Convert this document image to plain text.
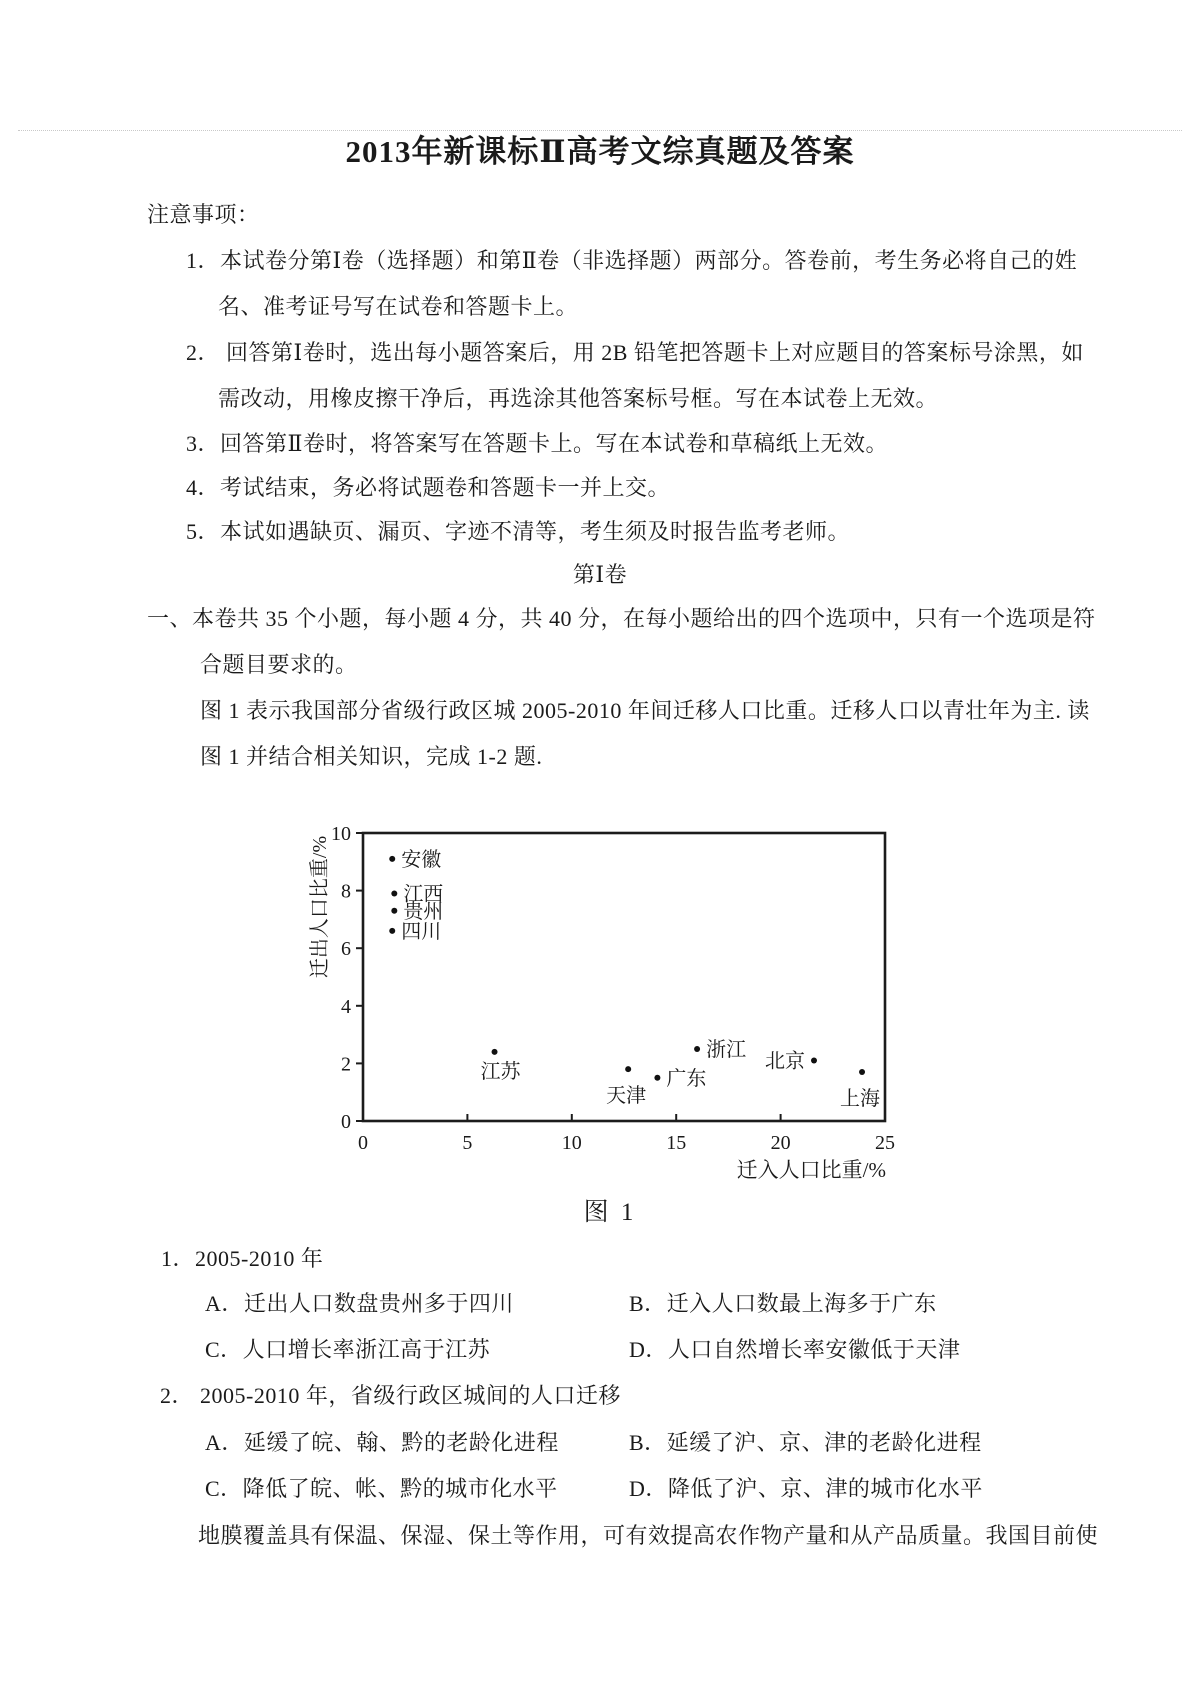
2013年新课标Ⅱ高考文综真题及答案
注意事项：
1．本试卷分第Ⅰ卷（选择题）和第Ⅱ卷（非选择题）两部分。答卷前，考生务必将自己的姓
名、准考证号写在试卷和答题卡上。
2． 回答第Ⅰ卷时，选出每小题答案后，用 2B 铅笔把答题卡上对应题目的答案标号涂黑，如
需改动，用橡皮擦干净后，再选涂其他答案标号框。写在本试卷上无效。
3．回答第Ⅱ卷时，将答案写在答题卡上。写在本试卷和草稿纸上无效。
4．考试结束，务必将试题卷和答题卡一并上交。
5．本试如遇缺页、漏页、字迹不清等，考生须及时报告监考老师。
第Ⅰ卷
一、本卷共 35 个小题，每小题 4 分，共 40 分，在每小题给出的四个选项中，只有一个选项是符
合题目要求的。
图 1 表示我国部分省级行政区城 2005-2010 年间迁移人口比重。迁移人口以青壮年为主. 读
图 1 并结合相关知识，完成 1-2 题.
0
2
4
6
8
10
0	5	10	15	20	25
迁出人口比重/%
迁入人口比重/%
图 1
安徽
江西
贵州
四川
江苏
天津
广东
浙江
北京
上海
1．2005-2010 年
A．迁出人口数盘贵州多于四川	B．迁入人口数最上海多于广东
C．人口增长率浙江高于江苏	D．人口自然增长率安徽低于天津
2． 2005-2010 年，省级行政区城间的人口迁移
A．延缓了皖、翰、黔的老龄化进程	B．延缓了沪、京、津的老龄化进程
C．降低了皖、帐、黔的城市化水平	D．降低了沪、京、津的城市化水平
地膜覆盖具有保温、保湿、保土等作用，可有效提高农作物产量和从产品质量。我国目前使
